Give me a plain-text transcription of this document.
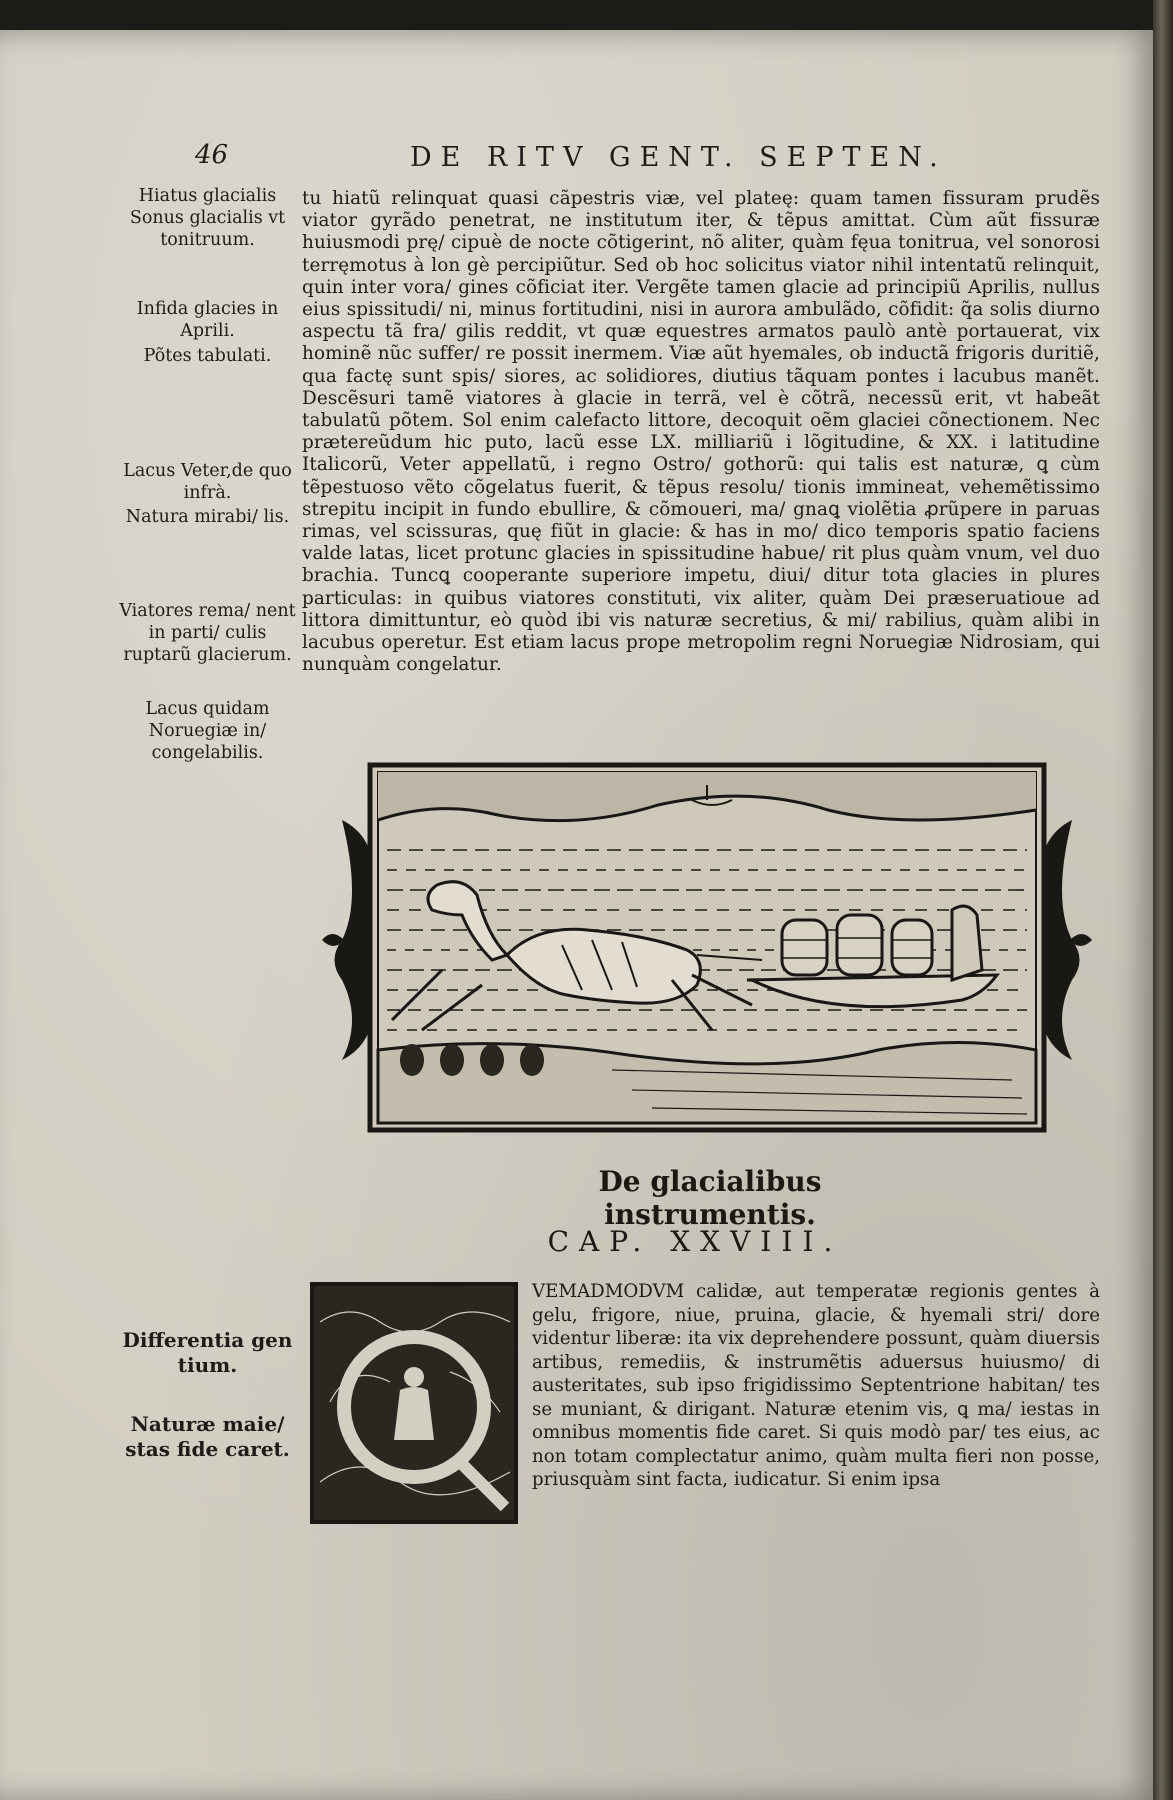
46	DE RITV GENT. SEPTEN.
Hiatus glacialis Sonus glacialis vt tonitruum.
Infida glacies in Aprili.
Põtes tabulati.
Lacus Veter,de quo infrà.
Natura mirabi/ lis.
Viatores rema/ nent in parti/ culis ruptarũ glacierum.
Lacus quidam Noruegiæ in/ congelabilis.
tu hiatũ relinquat quasi cãpestris viæ, vel plateę: quam tamen fissuram prudẽs viator gyrãdo penetrat, ne institutum iter, & tẽpus amittat. Cùm aũt fissuræ huiusmodi prę/ cipuè de nocte cõtigerint, nõ aliter, quàm fęua tonitrua, vel sonorosi terręmotus à lon gè percipiũtur. Sed ob hoc solicitus viator nihil intentatũ relinquit, quin inter vora/ gines cõficiat iter. Vergẽte tamen glacie ad principiũ Aprilis, nullus eius spissitudi/ ni, minus fortitudini, nisi in aurora ambulãdo, cõfidit: q̃a solis diurno aspectu tã fra/ gilis reddit, vt quæ equestres armatos paulò antè portauerat, vix hominẽ nũc suffer/ re possit inermem. Viæ aũt hyemales, ob inductã frigoris duritiẽ, qua factę sunt spis/ siores, ac solidiores, diutius tãquam pontes i lacubus manẽt. Descẽsuri tamẽ viatores à glacie in terrã, vel è cõtrã, necessũ erit, vt habeãt tabulatũ põtem. Sol enim calefacto littore, decoquit oẽm glaciei cõnectionem. Nec prætereũdum hic puto, lacũ esse LX. milliariũ i lõgitudine, & XX. i latitudine Italicorũ, Veter appellatũ, i regno Ostro/ gothorũ: qui talis est naturæ, ꝗ cùm tẽpestuoso vẽto cõgelatus fuerit, & tẽpus resolu/ tionis immineat, vehemẽtissimo strepitu incipit in fundo ebullire, & cõmoueri, ma/ gnaꝗ violẽtia ꝓrũpere in paruas rimas, vel scissuras, quę fiũt in glacie: & has in mo/ dico temporis spatio faciens valde latas, licet protunc glacies in spissitudine habue/ rit plus quàm vnum, vel duo brachia. Tuncꝗ cooperante superiore impetu, diui/ ditur tota glacies in plures particulas: in quibus viatores constituti, vix aliter, quàm Dei præseruatioue ad littora dimittuntur, eò quòd ibi vis naturæ secretius, & mi/ rabilius, quàm alibi in lacubus operetur. Est etiam lacus prope metropolim regni Noruegiæ Nidrosiam, qui nunquàm congelatur.
De glacialibus instrumentis.
CAP. XXVIII.
VEMADMODVM calidæ, aut temperatæ regionis gentes à gelu, frigore, niue, pruina, glacie, & hyemali stri/ dore videntur liberæ: ita vix deprehendere possunt, quàm diuersis artibus, remediis, & instrumẽtis aduersus huiusmo/ di austeritates, sub ipso frigidissimo Septentrione habitan/ tes se muniant, & dirigant. Naturæ etenim vis, ꝗ ma/ iestas in omnibus momentis fide caret. Si quis modò par/ tes eius, ac non totam complectatur animo, quàm multa fieri non posse, priusquàm sint facta, iudicatur. Si enim ipsa
Differentia gen tium.
Naturæ maie/ stas fide caret.
